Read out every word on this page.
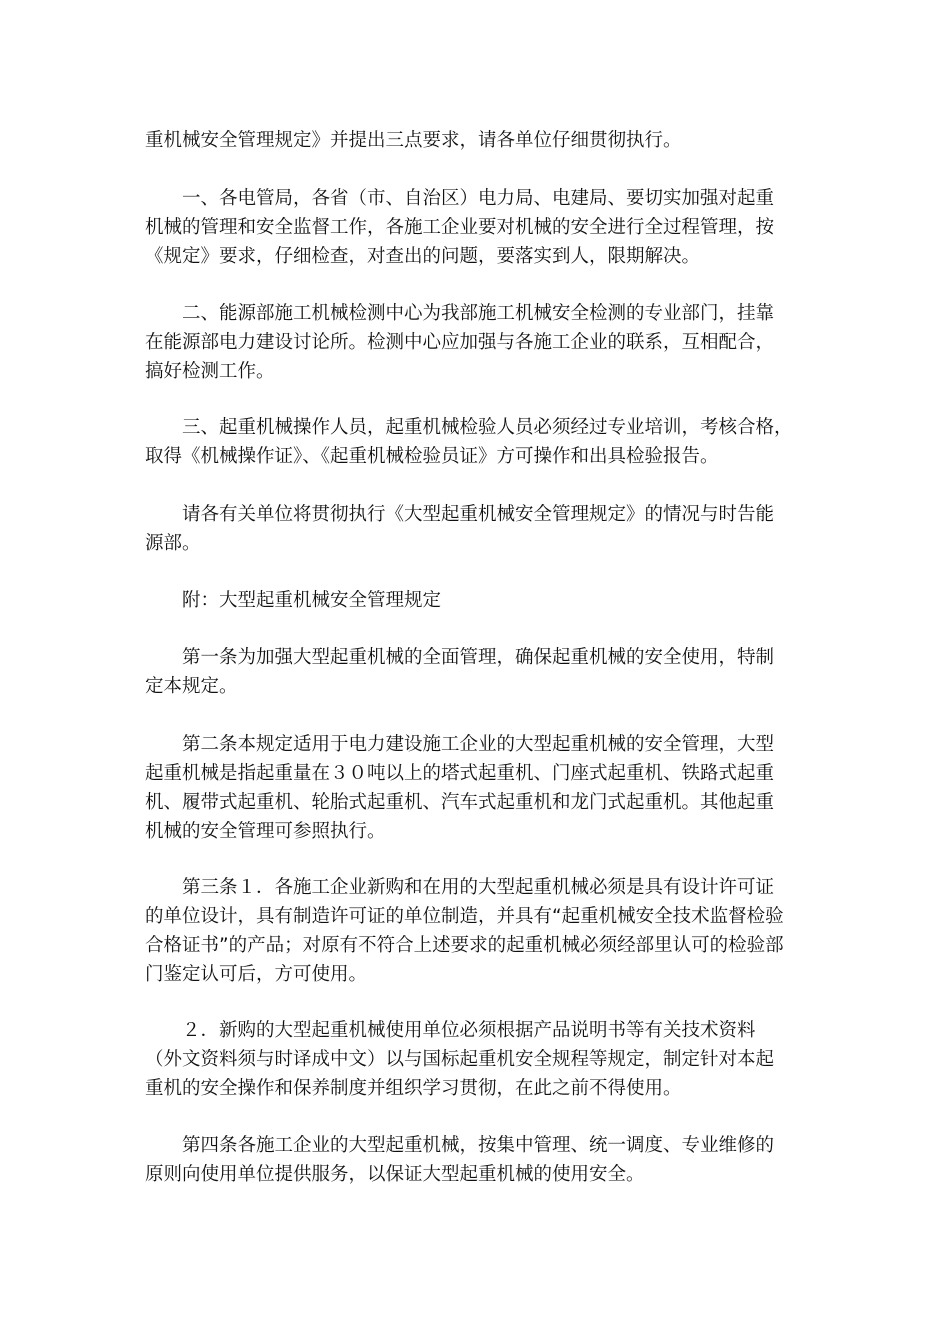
重机械安全管理规定》并提出三点要求，请各单位仔细贯彻执行。
一、各电管局，各省（市、自治区）电力局、电建局、要切实加强对起重
机械的管理和安全监督工作，各施工企业要对机械的安全进行全过程管理，按
《规定》要求，仔细检查，对查出的问题，要落实到人，限期解决。
二、能源部施工机械检测中心为我部施工机械安全检测的专业部门，挂靠
在能源部电力建设讨论所。检测中心应加强与各施工企业的联系，互相配合，
搞好检测工作。
三、起重机械操作人员，起重机械检验人员必须经过专业培训，考核合格，
取得《机械操作证》、《起重机械检验员证》方可操作和出具检验报告。
请各有关单位将贯彻执行《大型起重机械安全管理规定》的情况与时告能
源部。
附：大型起重机械安全管理规定
第一条为加强大型起重机械的全面管理，确保起重机械的安全使用，特制
定本规定。
第二条本规定适用于电力建设施工企业的大型起重机械的安全管理，大型
起重机械是指起重量在３０吨以上的塔式起重机、门座式起重机、铁路式起重
机、履带式起重机、轮胎式起重机、汽车式起重机和龙门式起重机。其他起重
机械的安全管理可参照执行。
第三条１．各施工企业新购和在用的大型起重机械必须是具有设计许可证
的单位设计，具有制造许可证的单位制造，并具有“起重机械安全技术监督检验
合格证书”的产品；对原有不符合上述要求的起重机械必须经部里认可的检验部
门鉴定认可后，方可使用。
２．新购的大型起重机械使用单位必须根据产品说明书等有关技术资料
（外文资料须与时译成中文）以与国标起重机安全规程等规定，制定针对本起
重机的安全操作和保养制度并组织学习贯彻，在此之前不得使用。
第四条各施工企业的大型起重机械，按集中管理、统一调度、专业维修的
原则向使用单位提供服务，以保证大型起重机械的使用安全。
